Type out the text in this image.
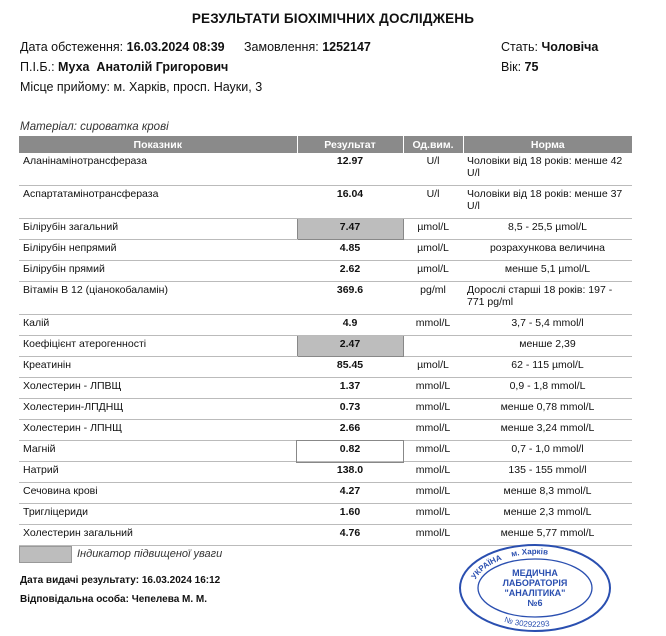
РЕЗУЛЬТАТИ БІОХІМІЧНИХ ДОСЛІДЖЕНЬ
Дата обстеження: 16.03.2024 08:39 Замовлення: 1252147	Стать: Чоловіча
П.І.Б.: Муха  Анатолій Григорович	Вік: 75
Місце прийому: м. Харків, просп. Науки, 3
Матеріал: сироватка крові
Показник	Результат	Од.вим.	Норма
Аланінамінотрансфераза	12.97	U/l	Чоловіки від 18 років: менше 42 U/l
Аспартатамінотрансфераза	16.04	U/l	Чоловіки від 18 років: менше 37 U/l
Білірубін загальний	7.47	µmol/L	8,5 - 25,5 µmol/L
Білірубін непрямий	4.85	µmol/L	розрахункова величина
Білірубін прямий	2.62	µmol/L	менше 5,1 µmol/L
Вітамін В 12 (ціанокобаламін)	369.6	pg/ml	Дорослі старші 18 років: 197 - 771 pg/ml
Калій	4.9	mmol/L	3,7 - 5,4 mmol/l
Коефіцієнт атерогенності	2.47		менше 2,39
Креатинін	85.45	µmol/L	62 - 115 µmol/L
Холестерин - ЛПВЩ	1.37	mmol/L	0,9 - 1,8 mmol/L
Холестерин-ЛПДНЩ	0.73	mmol/L	менше 0,78 mmol/L
Холестерин - ЛПНЩ	2.66	mmol/L	менше 3,24 mmol/L
Магній	0.82	mmol/L	0,7 - 1,0 mmol/l
Натрий	138.0	mmol/L	135 - 155 mmol/l
Сечовина крові	4.27	mmol/L	менше 8,3 mmol/L
Тригліцериди	1.60	mmol/L	менше 2,3 mmol/L
Холестерин загальний	4.76	mmol/L	менше 5,77 mmol/L
Індикатор підвищеної уваги
Дата видачі результату: 16.03.2024 16:12
Відповідальна особа: Чепелева М. М.
УКРАЇНА м. Харків
№ 30292293
МЕДИЧНА
ЛАБОРАТОРІЯ
"АНАЛІТИКА"
№6
